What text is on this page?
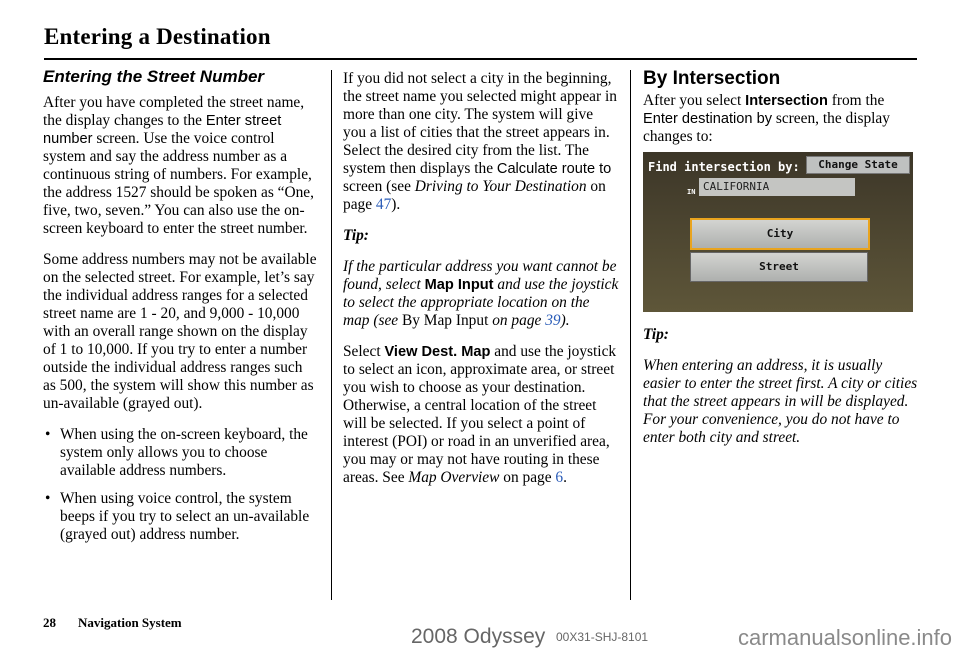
Entering a Destination
Entering the Street Number

After you have completed the street name, the display changes to the Enter street number screen. Use the voice control system and say the address number as a continuous string of numbers. For example, the address 1527 should be spoken as “One, five, two, seven.” You can also use the on-screen keyboard to enter the street number.

Some address numbers may not be available on the selected street. For example, let’s say the individual address ranges for a selected street name are 1 - 20, and 9,000 - 10,000 with an overall range shown on the display of 1 to 10,000. If you try to enter a number outside the individual address ranges such as 500, the system will show this number as un-available (grayed out).

• When using the on-screen keyboard, the system only allows you to choose available address numbers.
• When using voice control, the system beeps if you try to select an un-available (grayed out) address number.

If you did not select a city in the beginning, the street name you selected might appear in more than one city. The system will give you a list of cities that the street appears in. Select the desired city from the list. The system then displays the Calculate route to screen (see Driving to Your Destination on page 47).

Tip:

If the particular address you want cannot be found, select Map Input and use the joystick to select the appropriate location on the map (see By Map Input on page 39).

Select View Dest. Map and use the joystick to select an icon, approximate area, or street you wish to choose as your destination. Otherwise, a central location of the street will be selected. If you select a point of interest (POI) or road in an unverified area, you may or may not have routing in these areas. See Map Overview on page 6.

By Intersection

After you select Intersection from the Enter destination by screen, the display changes to:

Find intersection by:	Change State
IN CALIFORNIA
City
Street

Tip:

When entering an address, it is usually easier to enter the street first. A city or cities that the street appears in will be displayed. For your convenience, you do not have to enter both city and street.

28 Navigation System
2008 Odyssey 00X31-SHJ-8101	carmanualsonline.info
